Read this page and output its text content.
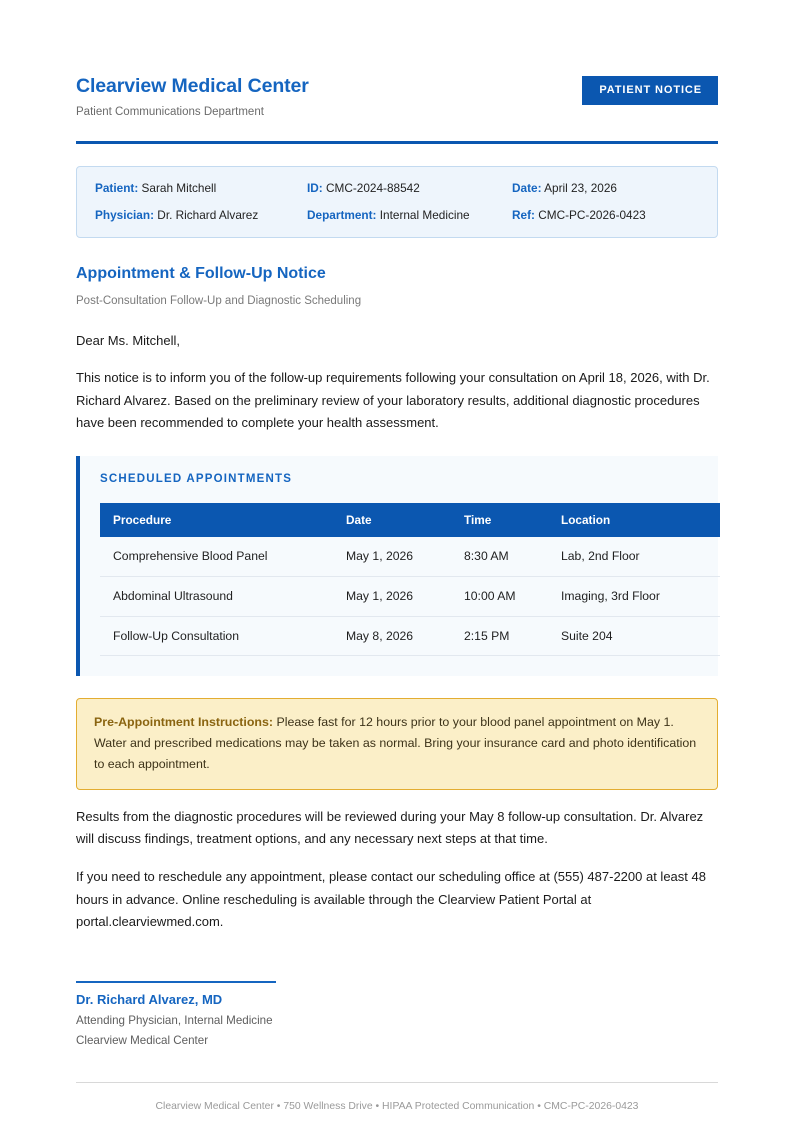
Clearview Medical Center
Patient Communications Department
PATIENT NOTICE
Patient: Sarah Mitchell	ID: CMC-2024-88542	Date: April 23, 2026
Physician: Dr. Richard Alvarez	Department: Internal Medicine	Ref: CMC-PC-2026-0423
Appointment & Follow-Up Notice
Post-Consultation Follow-Up and Diagnostic Scheduling
Dear Ms. Mitchell,
This notice is to inform you of the follow-up requirements following your consultation on April 18, 2026, with Dr. Richard Alvarez. Based on the preliminary review of your laboratory results, additional diagnostic procedures have been recommended to complete your health assessment.
SCHEDULED APPOINTMENTS
Procedure	Date	Time	Location
Comprehensive Blood Panel	May 1, 2026	8:30 AM	Lab, 2nd Floor
Abdominal Ultrasound	May 1, 2026	10:00 AM	Imaging, 3rd Floor
Follow-Up Consultation	May 8, 2026	2:15 PM	Suite 204
Pre-Appointment Instructions: Please fast for 12 hours prior to your blood panel appointment on May 1. Water and prescribed medications may be taken as normal. Bring your insurance card and photo identification to each appointment.
Results from the diagnostic procedures will be reviewed during your May 8 follow-up consultation. Dr. Alvarez will discuss findings, treatment options, and any necessary next steps at that time.
If you need to reschedule any appointment, please contact our scheduling office at (555) 487-2200 at least 48 hours in advance. Online rescheduling is available through the Clearview Patient Portal at portal.clearviewmed.com.
Dr. Richard Alvarez, MD
Attending Physician, Internal Medicine
Clearview Medical Center
Clearview Medical Center • 750 Wellness Drive • HIPAA Protected Communication • CMC-PC-2026-0423
